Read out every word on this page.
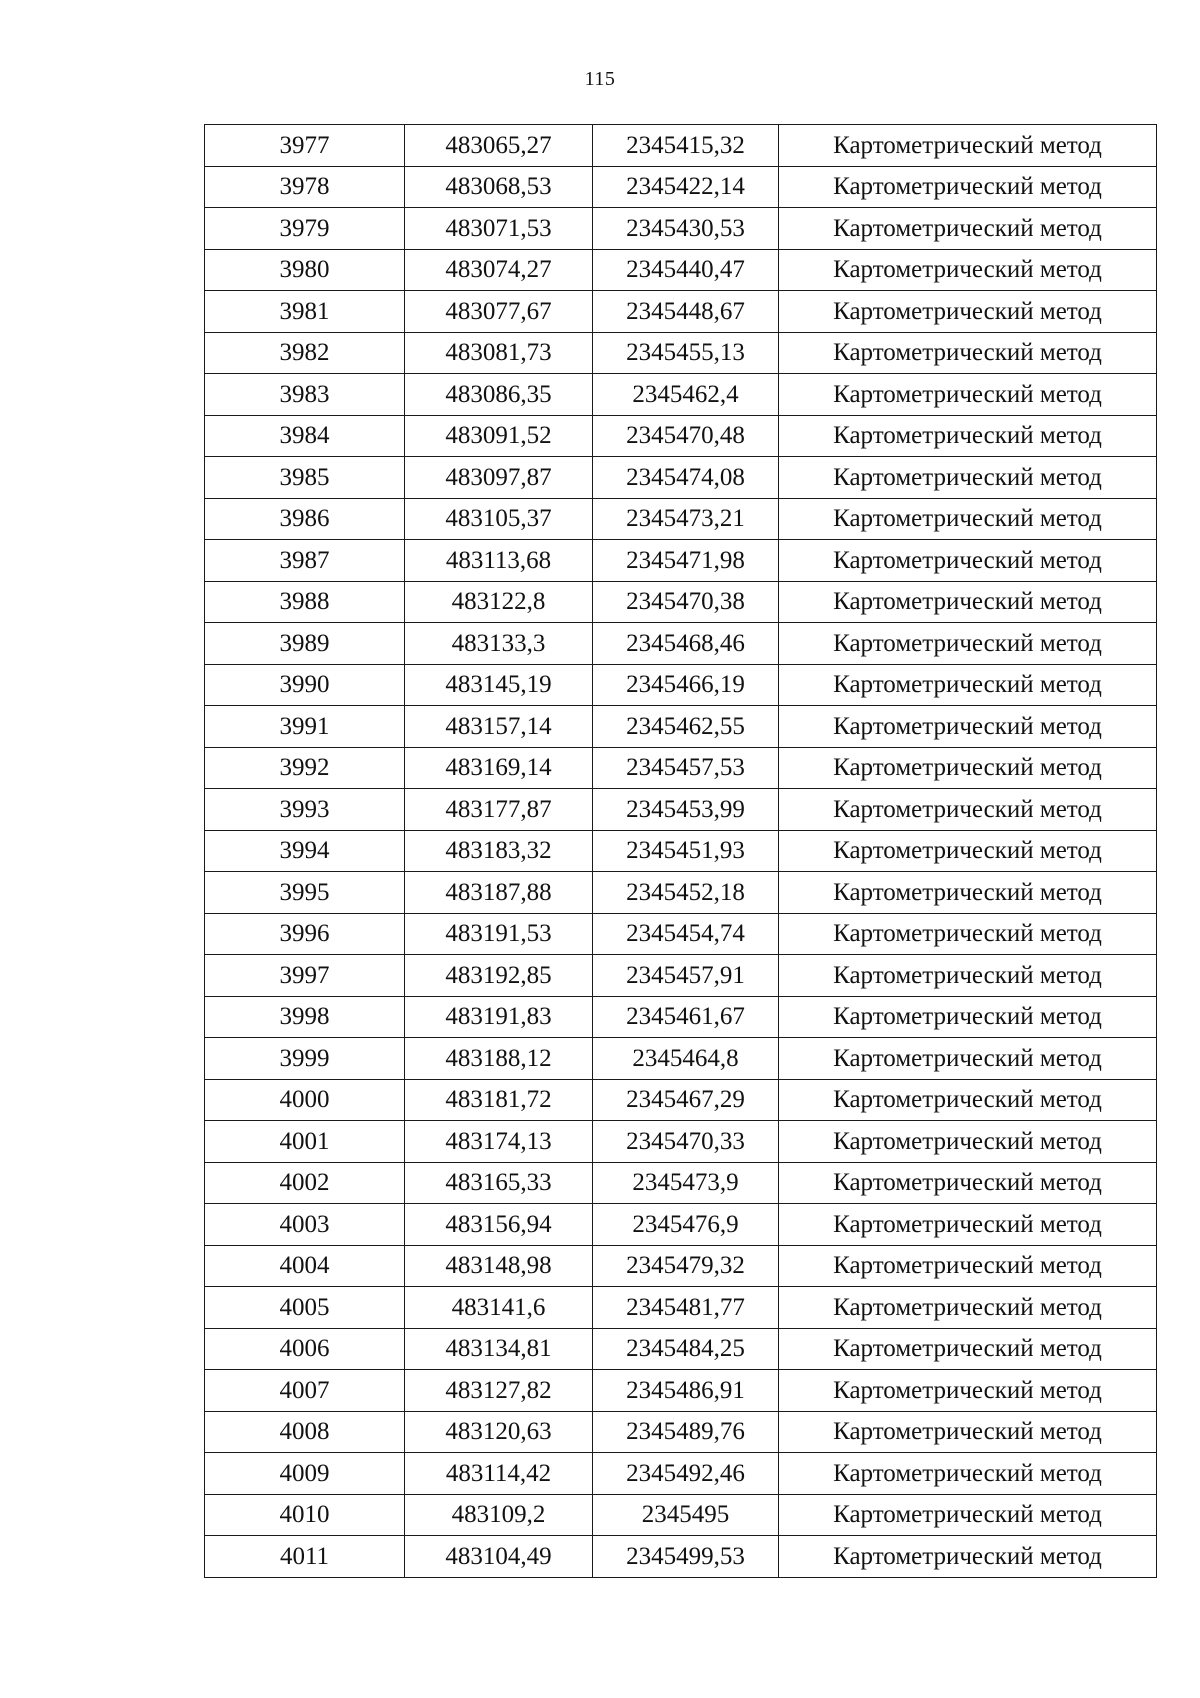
115
3977	483065,27	2345415,32	Картометрический метод
3978	483068,53	2345422,14	Картометрический метод
3979	483071,53	2345430,53	Картометрический метод
3980	483074,27	2345440,47	Картометрический метод
3981	483077,67	2345448,67	Картометрический метод
3982	483081,73	2345455,13	Картометрический метод
3983	483086,35	2345462,4	Картометрический метод
3984	483091,52	2345470,48	Картометрический метод
3985	483097,87	2345474,08	Картометрический метод
3986	483105,37	2345473,21	Картометрический метод
3987	483113,68	2345471,98	Картометрический метод
3988	483122,8	2345470,38	Картометрический метод
3989	483133,3	2345468,46	Картометрический метод
3990	483145,19	2345466,19	Картометрический метод
3991	483157,14	2345462,55	Картометрический метод
3992	483169,14	2345457,53	Картометрический метод
3993	483177,87	2345453,99	Картометрический метод
3994	483183,32	2345451,93	Картометрический метод
3995	483187,88	2345452,18	Картометрический метод
3996	483191,53	2345454,74	Картометрический метод
3997	483192,85	2345457,91	Картометрический метод
3998	483191,83	2345461,67	Картометрический метод
3999	483188,12	2345464,8	Картометрический метод
4000	483181,72	2345467,29	Картометрический метод
4001	483174,13	2345470,33	Картометрический метод
4002	483165,33	2345473,9	Картометрический метод
4003	483156,94	2345476,9	Картометрический метод
4004	483148,98	2345479,32	Картометрический метод
4005	483141,6	2345481,77	Картометрический метод
4006	483134,81	2345484,25	Картометрический метод
4007	483127,82	2345486,91	Картометрический метод
4008	483120,63	2345489,76	Картометрический метод
4009	483114,42	2345492,46	Картометрический метод
4010	483109,2	2345495	Картометрический метод
4011	483104,49	2345499,53	Картометрический метод
